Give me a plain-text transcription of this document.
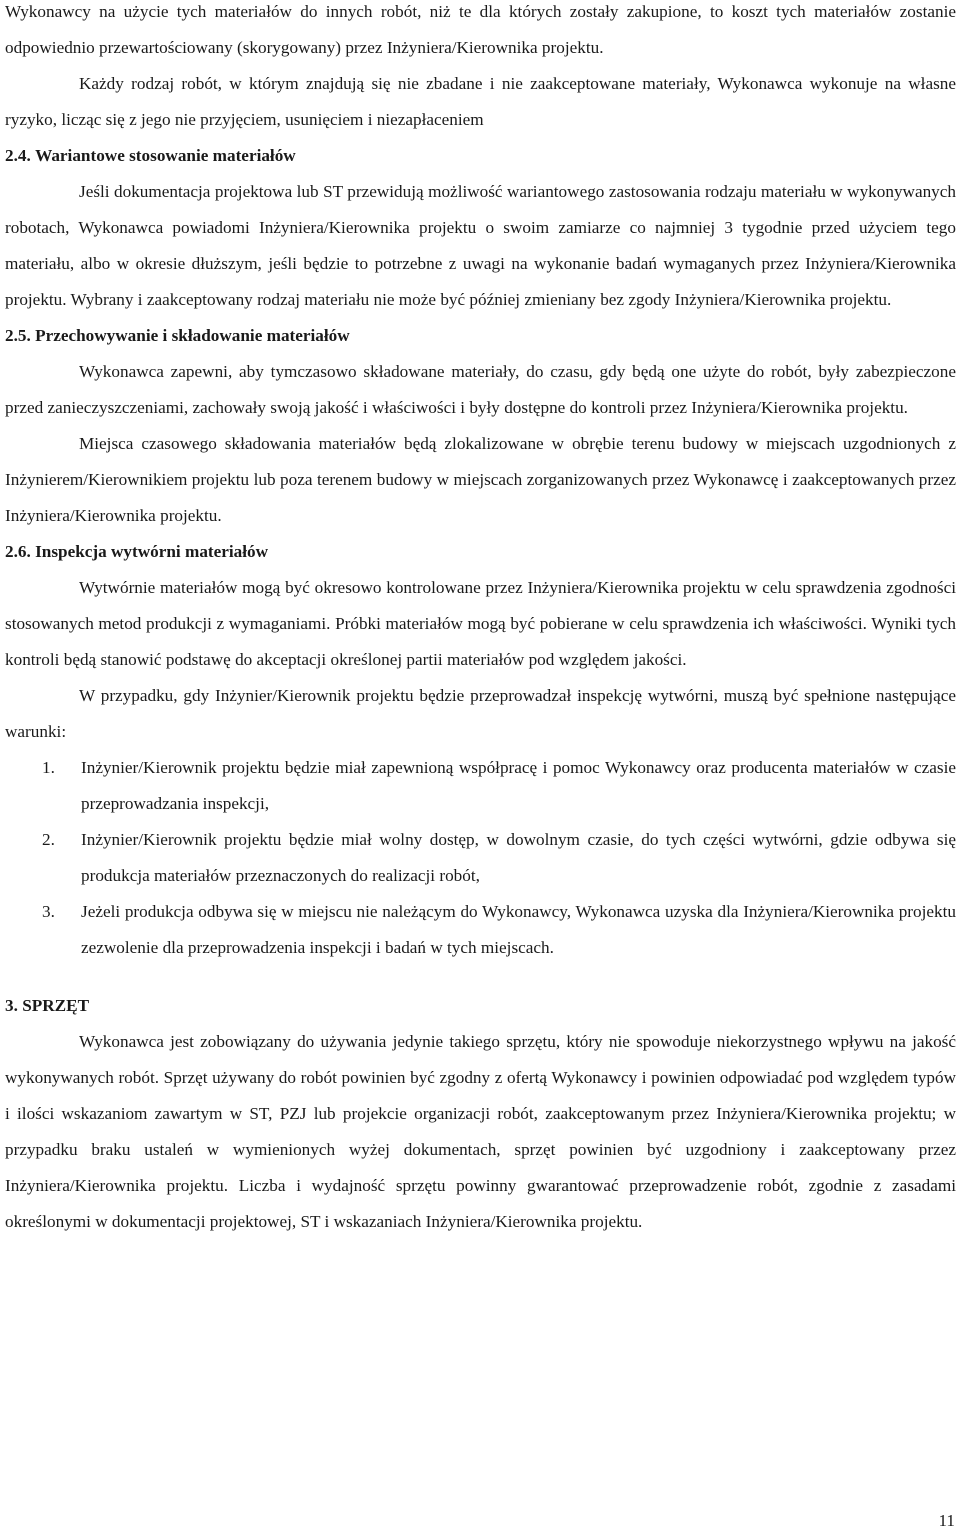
Wykonawcy na użycie tych materiałów do innych robót, niż te dla których zostały zakupione, to koszt tych materiałów zostanie odpowiednio przewartościowany (skorygowany) przez Inżyniera/Kierownika projektu.

Każdy rodzaj robót, w którym znajdują się nie zbadane i nie zaakceptowane materiały, Wykonawca wykonuje na własne ryzyko, licząc się z jego nie przyjęciem, usunięciem i niezapłaceniem

2.4. Wariantowe stosowanie materiałów

Jeśli dokumentacja projektowa lub ST przewidują możliwość wariantowego zastosowania rodzaju materiału w wykonywanych robotach, Wykonawca powiadomi Inżyniera/Kierownika projektu o swoim zamiarze co najmniej 3 tygodnie przed użyciem tego materiału, albo w okresie dłuższym, jeśli będzie to potrzebne z uwagi na wykonanie badań wymaganych przez Inżyniera/Kierownika projektu. Wybrany i zaakceptowany rodzaj materiału nie może być później zmieniany bez zgody Inżyniera/Kierownika projektu.

2.5. Przechowywanie i składowanie materiałów

Wykonawca zapewni, aby tymczasowo składowane materiały, do czasu, gdy będą one użyte do robót, były zabezpieczone przed zanieczyszczeniami, zachowały swoją jakość i właściwości i były dostępne do kontroli przez Inżyniera/Kierownika projektu.

Miejsca czasowego składowania materiałów będą zlokalizowane w obrębie terenu budowy w miejscach uzgodnionych z Inżynierem/Kierownikiem projektu lub poza terenem budowy w miejscach zorganizowanych przez Wykonawcę i zaakceptowanych przez Inżyniera/Kierownika projektu.

2.6. Inspekcja wytwórni materiałów

Wytwórnie materiałów mogą być okresowo kontrolowane przez Inżyniera/Kierownika projektu w celu sprawdzenia zgodności stosowanych metod produkcji z wymaganiami. Próbki materiałów mogą być pobierane w celu sprawdzenia ich właściwości. Wyniki tych kontroli będą stanowić podstawę do akceptacji określonej partii materiałów pod względem jakości.

W przypadku, gdy Inżynier/Kierownik projektu będzie przeprowadzał inspekcję wytwórni, muszą być spełnione następujące warunki:

1. Inżynier/Kierownik projektu będzie miał zapewnioną współpracę i pomoc Wykonawcy oraz producenta materiałów w czasie przeprowadzania inspekcji,
2. Inżynier/Kierownik projektu będzie miał wolny dostęp, w dowolnym czasie, do tych części wytwórni, gdzie odbywa się produkcja materiałów przeznaczonych do realizacji robót,
3. Jeżeli produkcja odbywa się w miejscu nie należącym do Wykonawcy, Wykonawca uzyska dla Inżyniera/Kierownika projektu zezwolenie dla przeprowadzenia inspekcji i badań w tych miejscach.
3. SPRZĘT

Wykonawca jest zobowiązany do używania jedynie takiego sprzętu, który nie spowoduje niekorzystnego wpływu na jakość wykonywanych robót. Sprzęt używany do robót powinien być zgodny z ofertą Wykonawcy i powinien odpowiadać pod względem typów i ilości wskazaniom zawartym w ST, PZJ lub projekcie organizacji robót, zaakceptowanym przez Inżyniera/Kierownika projektu; w przypadku braku ustaleń w wymienionych wyżej dokumentach, sprzęt powinien być uzgodniony i zaakceptowany przez Inżyniera/Kierownika projektu. Liczba i wydajność sprzętu powinny gwarantować przeprowadzenie robót, zgodnie z zasadami określonymi w dokumentacji projektowej, ST i wskazaniach Inżyniera/Kierownika projektu.

11
